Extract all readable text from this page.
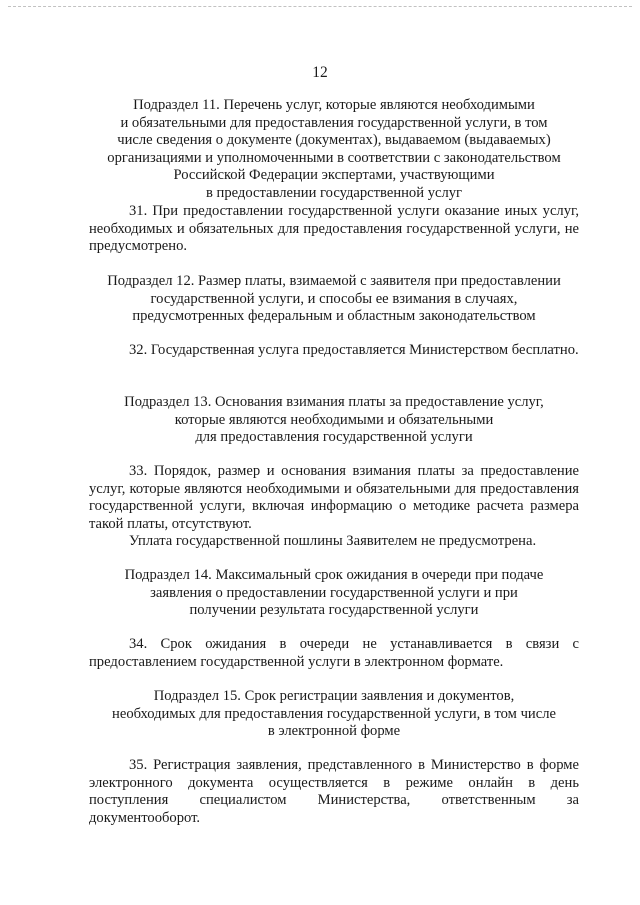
12
Подраздел 11. Перечень услуг, которые являются необходимыми
и обязательными для предоставления государственной услуги, в том
числе сведения о документе (документах), выдаваемом (выдаваемых)
организациями и уполномоченными в соответствии с законодательством
Российской Федерации экспертами, участвующими
в предоставлении государственной услуг
31. При предоставлении государственной услуги оказание иных услуг, необходимых и обязательных для предоставления государственной услуги, не предусмотрено.
Подраздел 12. Размер платы, взимаемой с заявителя при предоставлении
государственной услуги, и способы ее взимания в случаях,
предусмотренных федеральным и областным законодательством
32. Государственная услуга предоставляется Министерством бесплатно.
Подраздел 13. Основания взимания платы за предоставление услуг,
которые являются необходимыми и обязательными
для предоставления государственной услуги
33. Порядок, размер и основания взимания платы за предоставление услуг, которые являются необходимыми и обязательными для предоставления государственной услуги, включая информацию о методике расчета размера такой платы, отсутствуют.
Уплата государственной пошлины Заявителем не предусмотрена.
Подраздел 14. Максимальный срок ожидания в очереди при подаче
заявления о предоставлении государственной услуги и при
получении результата государственной услуги
34. Срок ожидания в очереди не устанавливается в связи с предоставлением государственной услуги в электронном формате.
Подраздел 15. Срок регистрации заявления и документов,
необходимых для предоставления государственной услуги, в том числе
в электронной форме
35. Регистрация заявления, представленного в Министерство в форме электронного документа осуществляется в режиме онлайн в день поступления специалистом Министерства, ответственным за документооборот.
